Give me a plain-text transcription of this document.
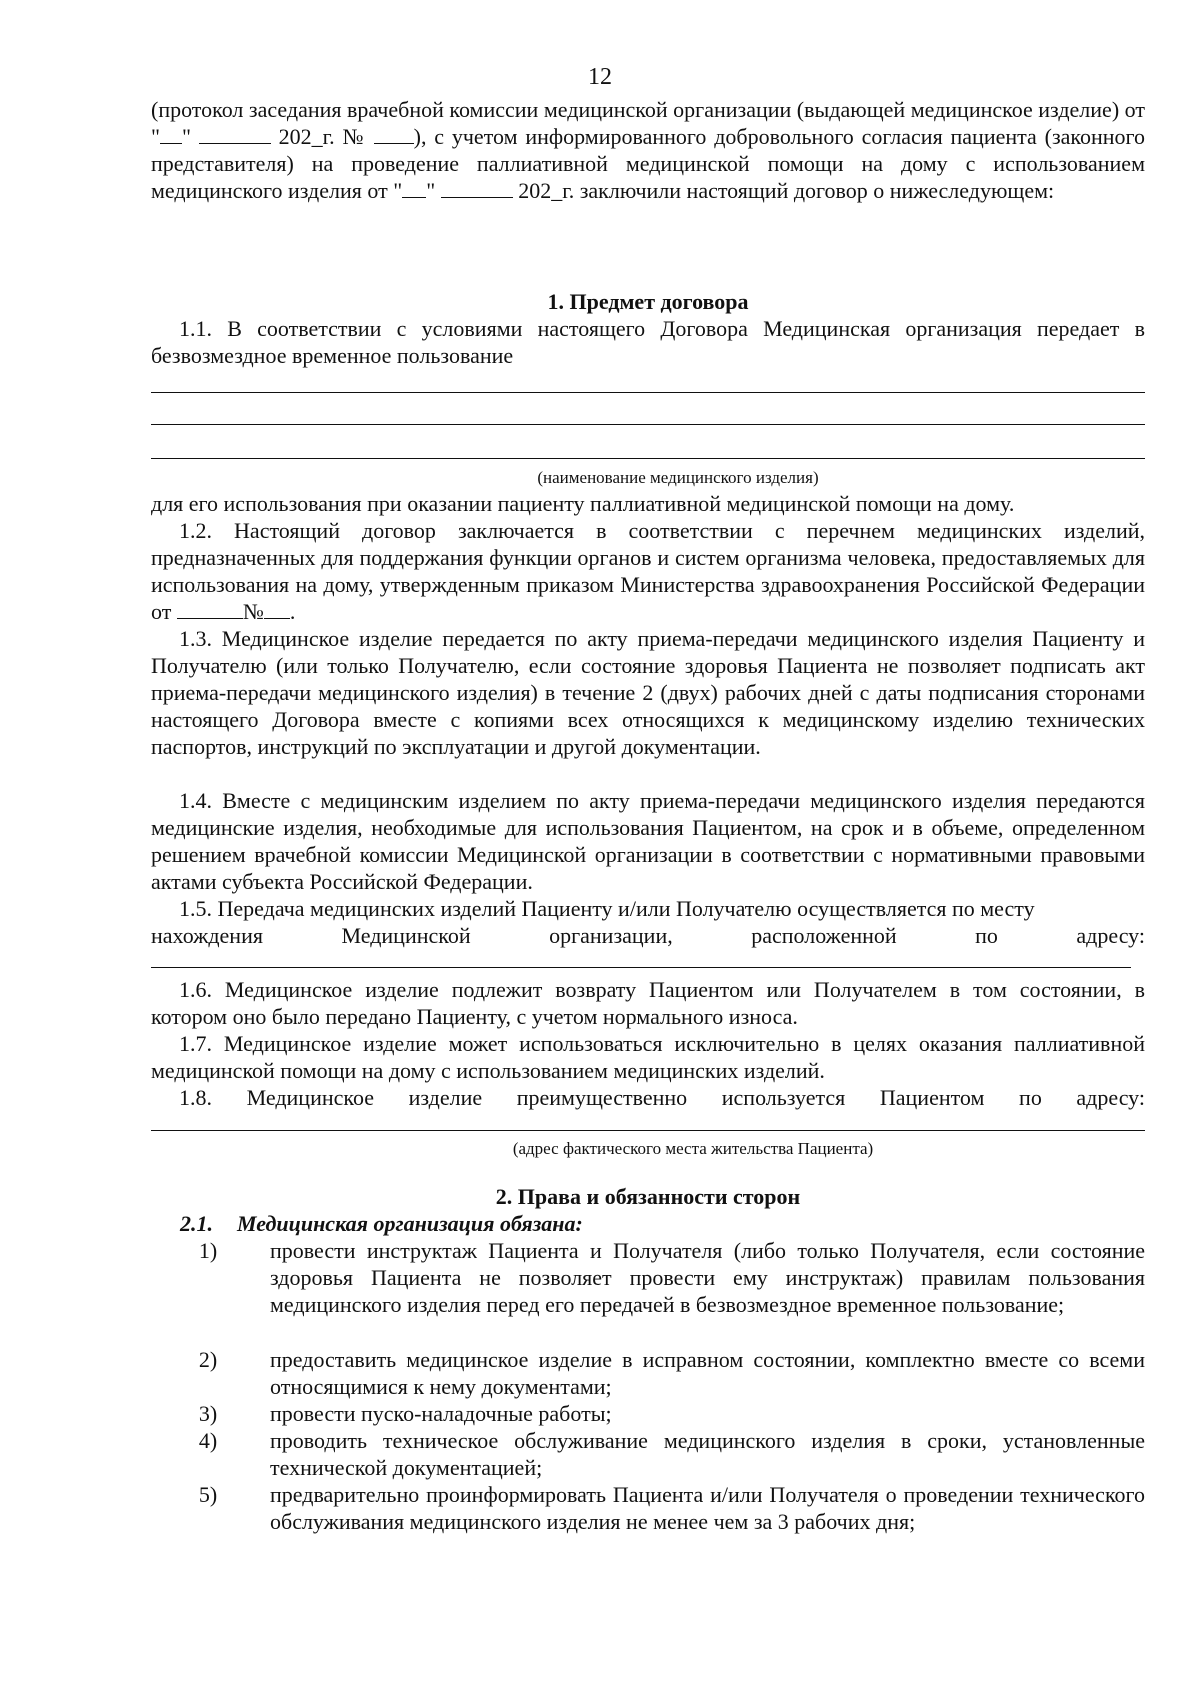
12
(протокол заседания врачебной комиссии медицинской организации (выдающей медицинское изделие) от " "	202_г. № ), с учетом информированного добровольного согласия пациента (законного представителя) на проведение паллиативной медицинской помощи на дому с использованием медицинского изделия от " "	202_г. заключили настоящий договор о нижеследующем:
1. Предмет договора
1.1. В соответствии с условиями настоящего Договора Медицинская организация передает в безвозмездное временное пользование
(наименование медицинского изделия)
для его использования при оказании пациенту паллиативной медицинской помощи на дому.
1.2. Настоящий договор заключается в соответствии с перечнем медицинских изделий, предназначенных для поддержания функции органов и систем организма человека, предоставляемых для использования на дому, утвержденным приказом Министерства здравоохранения Российской Федерации от	№ .
1.3. Медицинское изделие передается по акту приема-передачи медицинского изделия Пациенту и Получателю (или только Получателю, если состояние здоровья Пациента не позволяет подписать акт приема-передачи медицинского изделия) в течение 2 (двух) рабочих дней с даты подписания сторонами настоящего Договора вместе с копиями всех относящихся к медицинскому изделию технических паспортов, инструкций по эксплуатации и другой документации.
1.4. Вместе с медицинским изделием по акту приема-передачи медицинского изделия передаются медицинские изделия, необходимые для использования Пациентом, на срок и в объеме, определенном решением врачебной комиссии Медицинской организации в соответствии с нормативными правовыми актами субъекта Российской Федерации.
1.5. Передача медицинских изделий Пациенту и/или Получателю осуществляется по месту
нахождения	Медицинской	организации,	расположенной	по	адресу:
1.6. Медицинское изделие подлежит возврату Пациентом или Получателем в том состоянии, в котором оно было передано Пациенту, с учетом нормального износа.
1.7. Медицинское изделие может использоваться исключительно в целях оказания паллиативной медицинской помощи на дому с использованием медицинских изделий.
1.8. Медицинское изделие преимущественно используется Пациентом по адресу:
(адрес фактического места жительства Пациента)
2. Права и обязанности сторон
2.1. Медицинская организация обязана:
1)	провести инструктаж Пациента и Получателя (либо только Получателя, если состояние здоровья Пациента не позволяет провести ему инструктаж) правилам пользования медицинского изделия перед его передачей в безвозмездное временное пользование;
2)	предоставить медицинское изделие в исправном состоянии, комплектно вместе со всеми относящимися к нему документами;
3)	провести пуско-наладочные работы;
4)	проводить техническое обслуживание медицинского изделия в сроки, установленные технической документацией;
5)	предварительно проинформировать Пациента и/или Получателя о проведении технического обслуживания медицинского изделия не менее чем за 3 рабочих дня;
